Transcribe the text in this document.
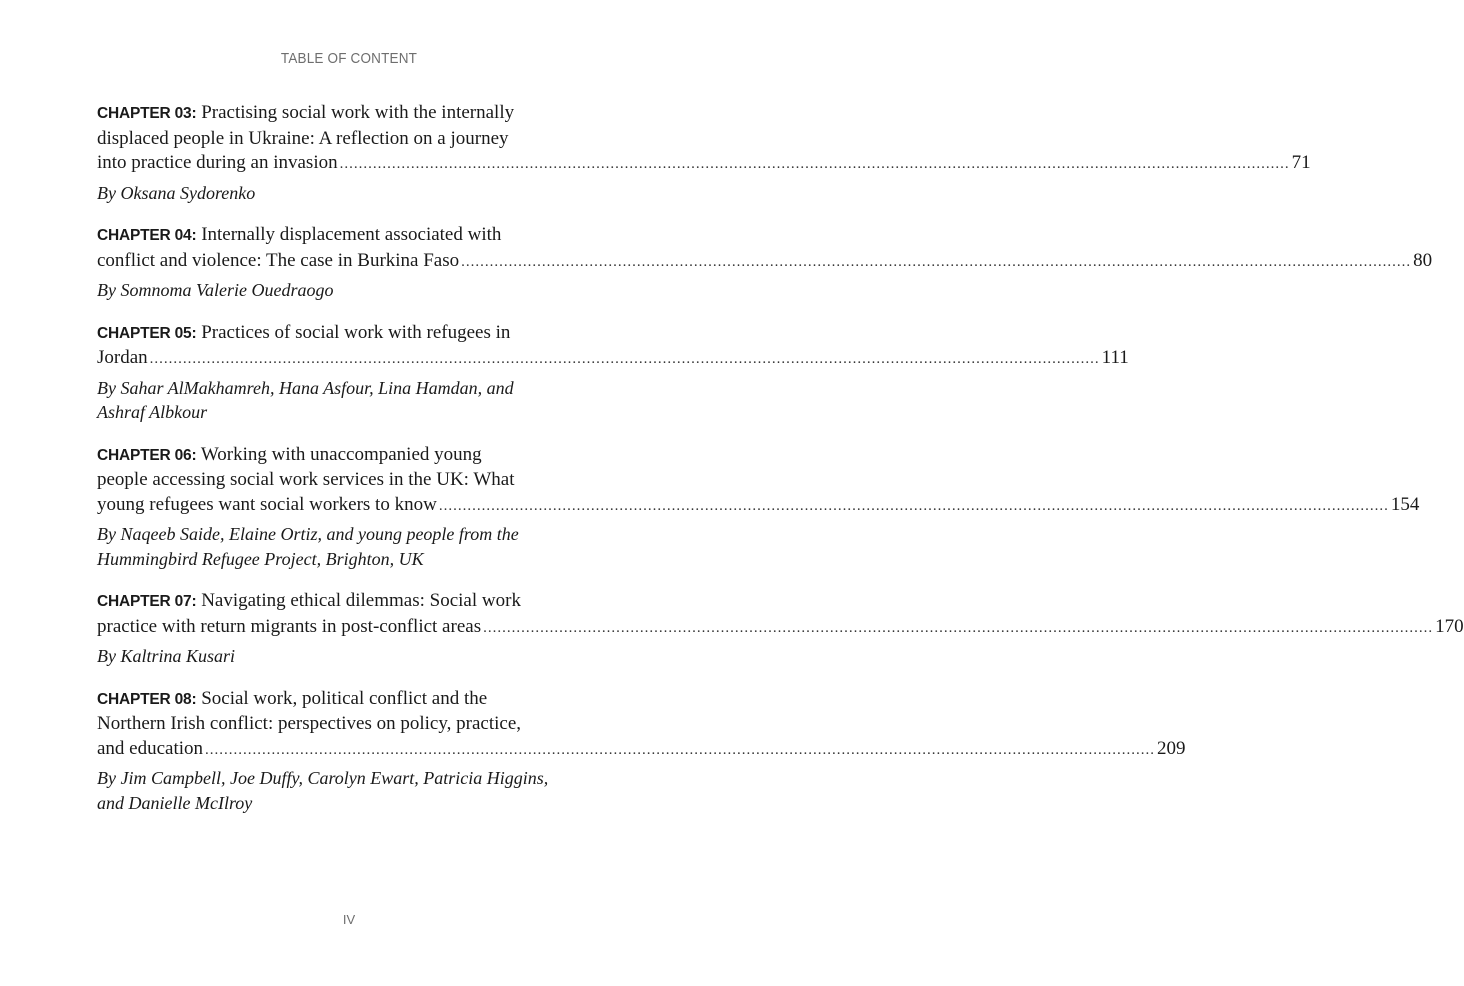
TABLE OF CONTENT
CHAPTER 03: Practising social work with the internally
displaced people in Ukraine: A reflection on a journey
into practice during an invasion ........................................................................................................................................................................................................ 71
By Oksana Sydorenko
CHAPTER 04: Internally displacement associated with
conflict and violence: The case in Burkina Faso ........................................................................................................................................................................................................ 80
By Somnoma Valerie Ouedraogo
CHAPTER 05: Practices of social work with refugees in
Jordan ........................................................................................................................................................................................................ 111
By Sahar AlMakhamreh, Hana Asfour, Lina Hamdan, and
Ashraf Albkour
CHAPTER 06: Working with unaccompanied young
people accessing social work services in the UK: What
young refugees want social workers to know ........................................................................................................................................................................................................ 154
By Naqeeb Saide, Elaine Ortiz, and young people from the
Hummingbird Refugee Project, Brighton, UK
CHAPTER 07: Navigating ethical dilemmas: Social work
practice with return migrants in post-conflict areas ........................................................................................................................................................................................................ 170
By Kaltrina Kusari
CHAPTER 08: Social work, political conflict and the
Northern Irish conflict: perspectives on policy, practice,
and education ........................................................................................................................................................................................................ 209
By Jim Campbell, Joe Duffy, Carolyn Ewart, Patricia Higgins,
and Danielle McIlroy
IV
